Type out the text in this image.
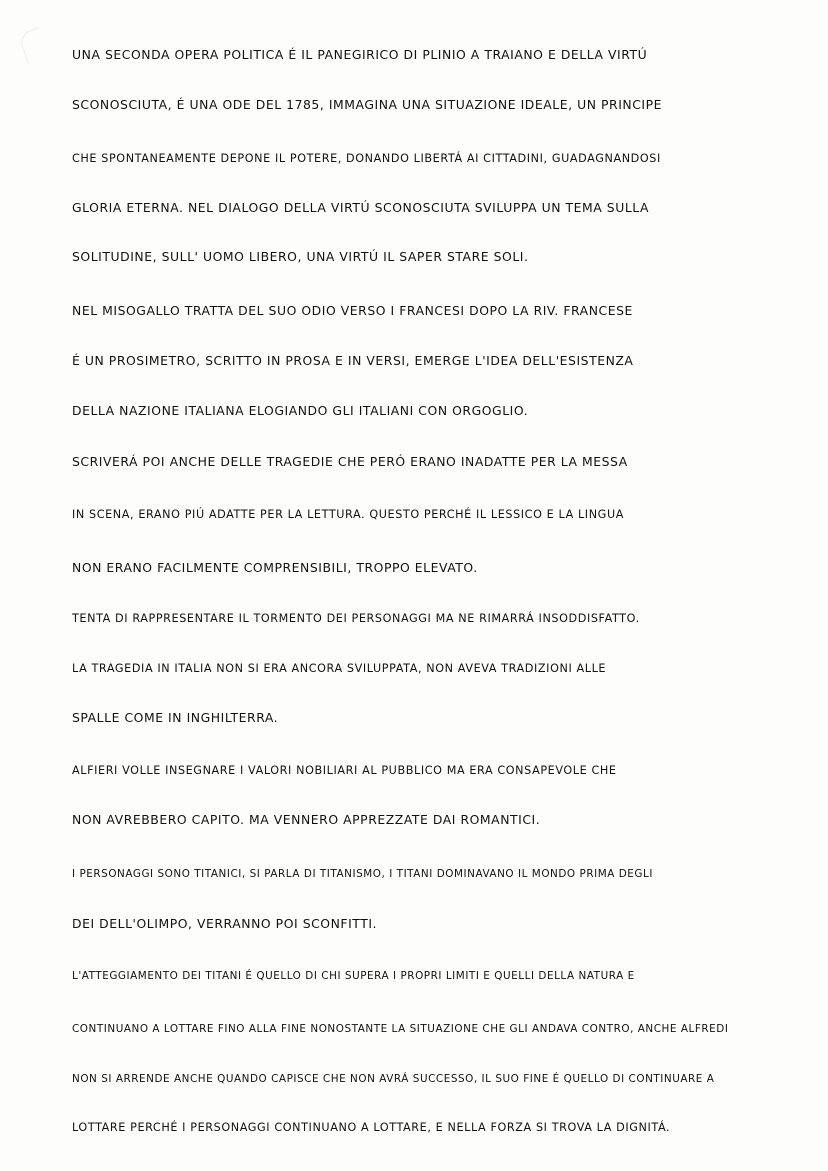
UNA SECONDA OPERA POLITICA É IL PANEGIRICO DI PLINIO A TRAIANO E DELLA VIRTÚ
SCONOSCIUTA, É UNA ODE DEL 1785, IMMAGINA UNA SITUAZIONE IDEALE, UN PRINCIPE
CHE SPONTANEAMENTE DEPONE IL POTERE, DONANDO LIBERTÁ AI CITTADINI, GUADAGNANDOSI
GLORIA ETERNA. NEL DIALOGO DELLA VIRTÚ SCONOSCIUTA SVILUPPA UN TEMA SULLA
SOLITUDINE, SULL' UOMO LIBERO, UNA VIRTÚ IL SAPER STARE SOLI.
NEL MISOGALLO TRATTA DEL SUO ODIO VERSO I FRANCESI DOPO LA RIV. FRANCESE
É UN PROSIMETRO, SCRITTO IN PROSA E IN VERSI, EMERGE L'IDEA DELL'ESISTENZA
DELLA NAZIONE ITALIANA ELOGIANDO GLI ITALIANI CON ORGOGLIO.
SCRIVERÁ POI ANCHE DELLE TRAGEDIE CHE PERÓ ERANO INADATTE PER LA MESSA
IN SCENA, ERANO PIÚ ADATTE PER LA LETTURA. QUESTO PERCHÉ IL LESSICO E LA LINGUA
NON ERANO FACILMENTE COMPRENSIBILI, TROPPO ELEVATO.
TENTA DI RAPPRESENTARE IL TORMENTO DEI PERSONAGGI MA NE RIMARRÁ INSODDISFATTO.
LA TRAGEDIA IN ITALIA NON SI ERA ANCORA SVILUPPATA, NON AVEVA TRADIZIONI ALLE
SPALLE COME IN INGHILTERRA.
ALFIERI VOLLE INSEGNARE I VALORI NOBILIARI AL PUBBLICO MA ERA CONSAPEVOLE CHE
NON AVREBBERO CAPITO. MA VENNERO APPREZZATE DAI ROMANTICI.
I PERSONAGGI SONO TITANICI, SI PARLA DI TITANISMO, I TITANI DOMINAVANO IL MONDO PRIMA DEGLI
DEI DELL'OLIMPO, VERRANNO POI SCONFITTI.
L'ATTEGGIAMENTO DEI TITANI É QUELLO DI CHI SUPERA I PROPRI LIMITI E QUELLI DELLA NATURA E
CONTINUANO A LOTTARE FINO ALLA FINE NONOSTANTE LA SITUAZIONE CHE GLI ANDAVA CONTRO, ANCHE ALFREDI
NON SI ARRENDE ANCHE QUANDO CAPISCE CHE NON AVRÁ SUCCESSO, IL SUO FINE É QUELLO DI CONTINUARE A
LOTTARE PERCHÉ I PERSONAGGI CONTINUANO A LOTTARE, E NELLA FORZA SI TROVA LA DIGNITÁ.
